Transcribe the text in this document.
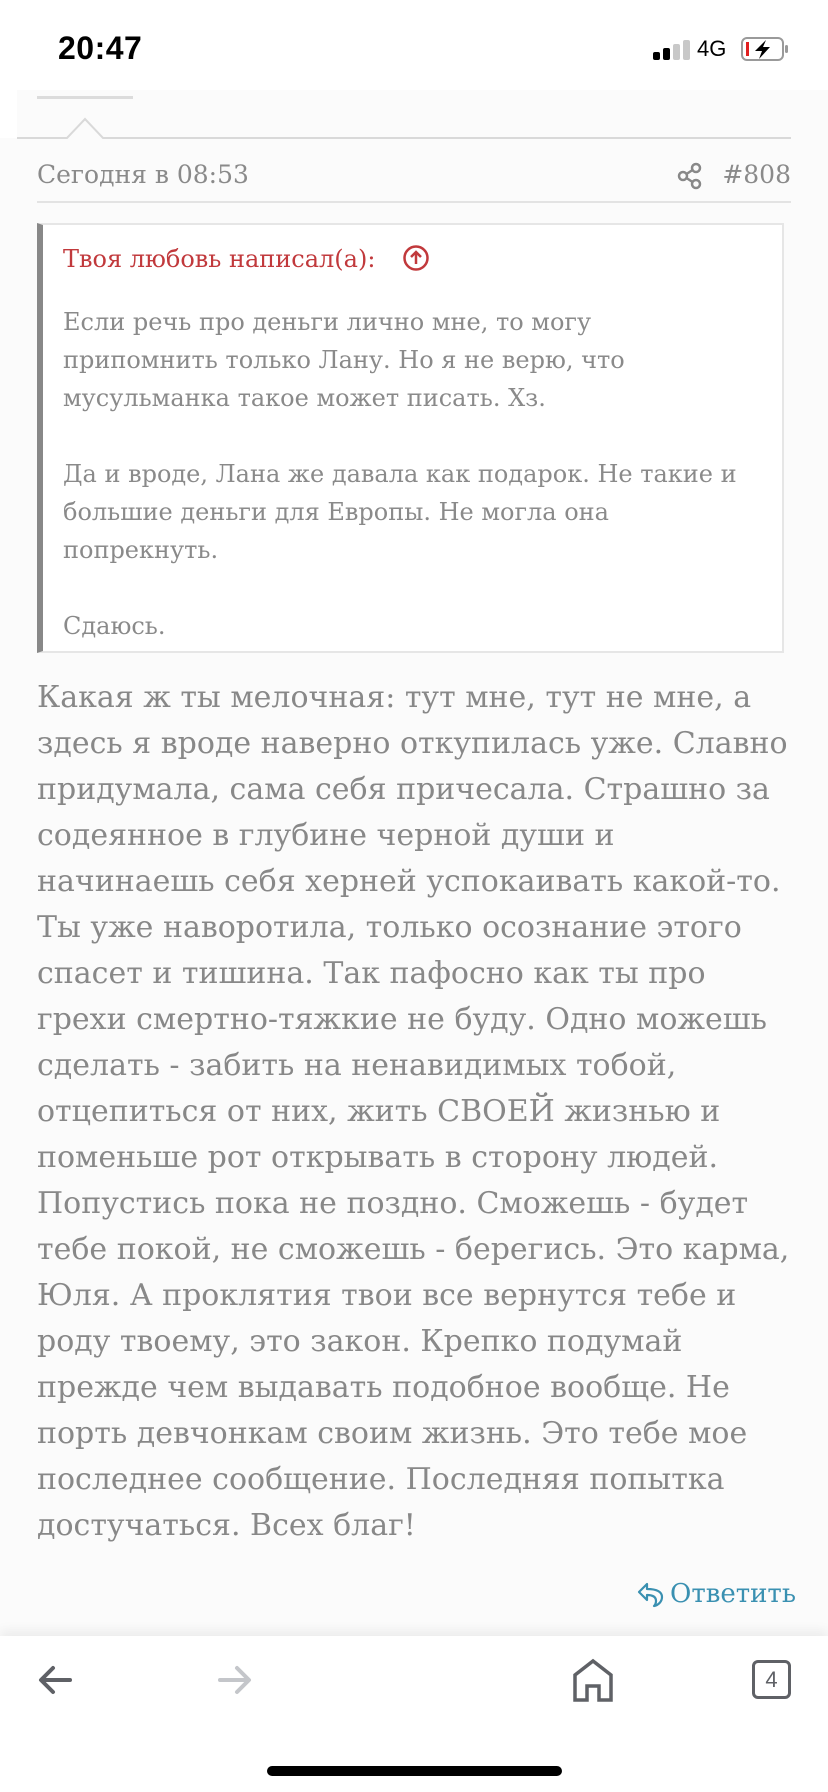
20:47	4G
Сегодня в 08:53	#808
Твоя любовь написал(а):
Если речь про деньги лично мне, то могу
припомнить только Лану. Но я не верю, что
мусульманка такое может писать. Хз.
Да и вроде, Лана же давала как подарок. Не такие и
большие деньги для Европы. Не могла она
попрекнуть.
Сдаюсь.
Какая ж ты мелочная: тут мне, тут не мне, а
здесь я вроде наверно откупилась уже. Славно
придумала, сама себя причесала. Страшно за
содеянное в глубине черной души и
начинаешь себя херней успокаивать какой-то.
Ты уже наворотила, только осознание этого
спасет и тишина. Так пафосно как ты про
грехи смертно-тяжкие не буду. Одно можешь
сделать - забить на ненавидимых тобой,
отцепиться от них, жить СВОЕЙ жизнью и
поменьше рот открывать в сторону людей.
Попустись пока не поздно. Сможешь - будет
тебе покой, не сможешь - берегись. Это карма,
Юля. А проклятия твои все вернутся тебе и
роду твоему, это закон. Крепко подумай
прежде чем выдавать подобное вообще. Не
порть девчонкам своим жизнь. Это тебе мое
последнее сообщение. Последняя попытка
достучаться. Всех благ!
Ответить
4
